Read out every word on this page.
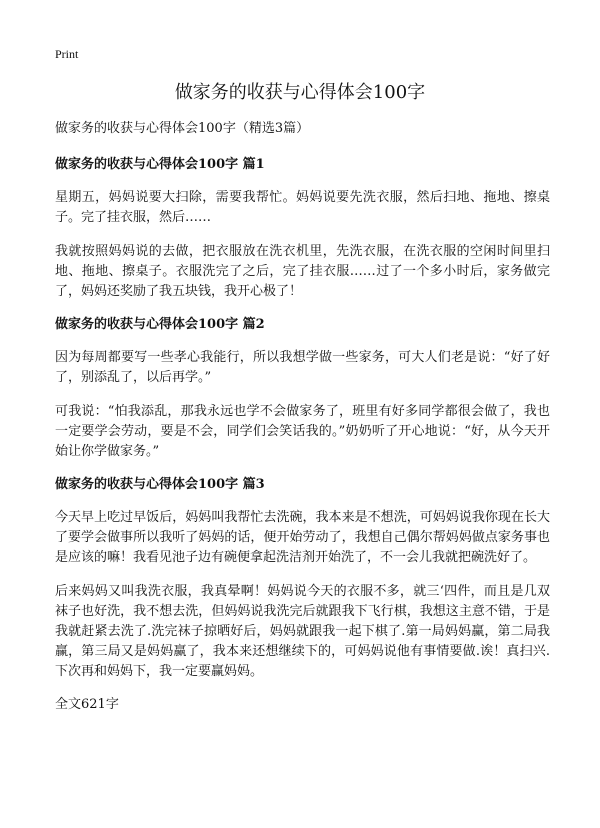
Print
做家务的收获与心得体会100字

做家务的收获与心得体会100字（精选3篇）

做家务的收获与心得体会100字 篇1

星期五，妈妈说要大扫除，需要我帮忙。妈妈说要先洗衣服，然后扫地、拖地、擦桌子。完了挂衣服，然后……

我就按照妈妈说的去做，把衣服放在洗衣机里，先洗衣服，在洗衣服的空闲时间里扫地、拖地、擦桌子。衣服洗完了之后，完了挂衣服……过了一个多小时后，家务做完了，妈妈还奖励了我五块钱，我开心极了！

做家务的收获与心得体会100字 篇2

因为每周都要写一些孝心我能行，所以我想学做一些家务，可大人们老是说：“好了好了，别添乱了，以后再学。”

可我说：“怕我添乱，那我永远也学不会做家务了，班里有好多同学都很会做了，我也一定要学会劳动，要是不会，同学们会笑话我的。”奶奶听了开心地说：“好，从今天开始让你学做家务。”

做家务的收获与心得体会100字 篇3

今天早上吃过早饭后，妈妈叫我帮忙去洗碗，我本来是不想洗，可妈妈说我你现在长大了要学会做事所以我听了妈妈的话，便开始劳动了，我想自己偶尔帮妈妈做点家务事也是应该的嘛！我看见池子边有碗便拿起洗洁剂开始洗了，不一会儿我就把碗洗好了。

后来妈妈又叫我洗衣服，我真晕啊！妈妈说今天的衣服不多，就三‘四件，而且是几双袜子也好洗，我不想去洗，但妈妈说我洗完后就跟我下飞行棋，我想这主意不错，于是我就赶紧去洗了.洗完袜子掠晒好后，妈妈就跟我一起下棋了.第一局妈妈赢，第二局我赢，第三局又是妈妈赢了，我本来还想继续下的，可妈妈说他有事情要做.诶！真扫兴.下次再和妈妈下，我一定要赢妈妈。

全文621字
